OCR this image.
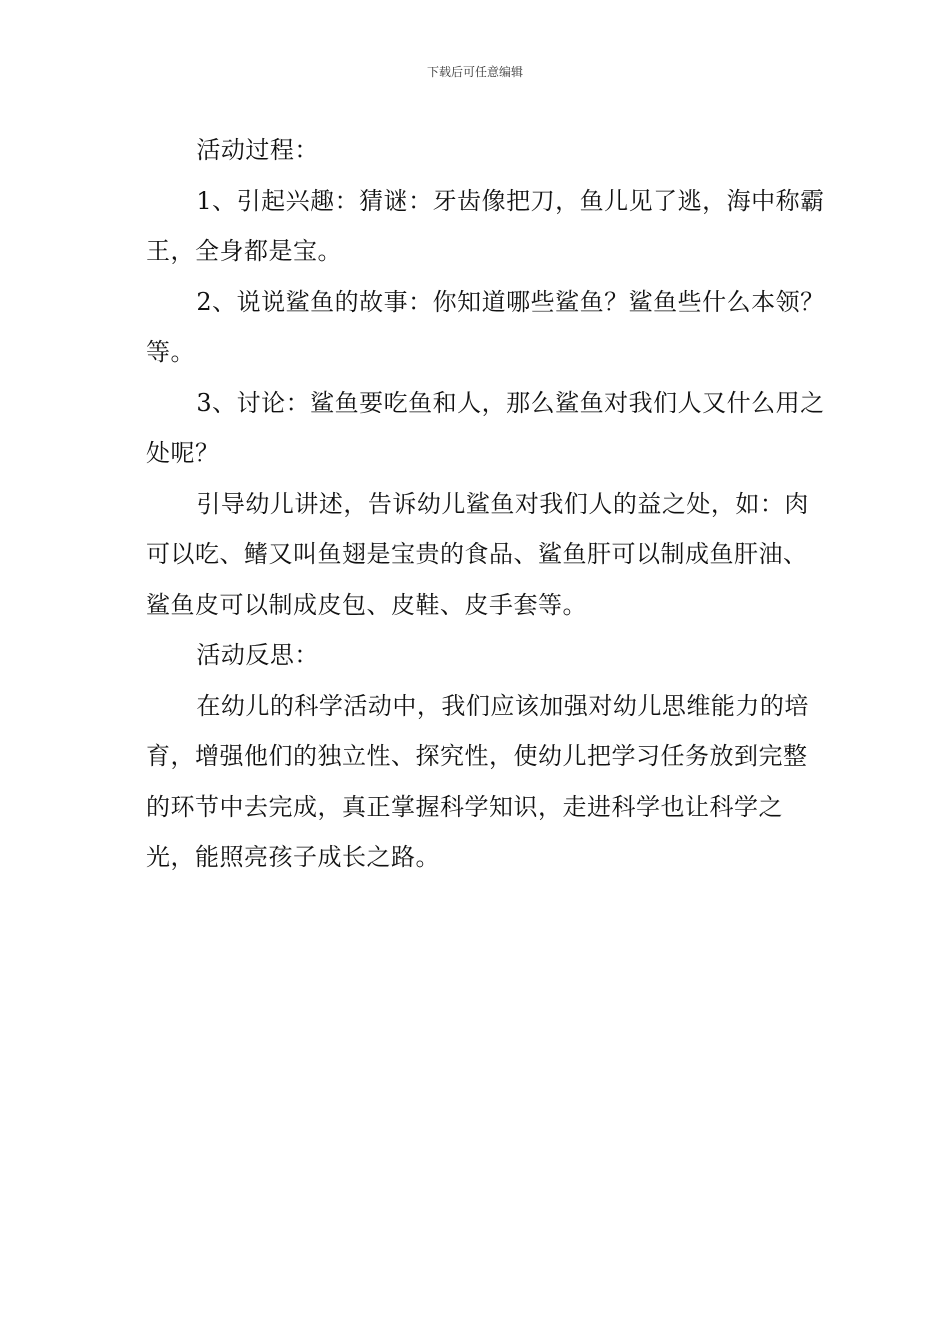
下载后可任意编辑

活动过程：

1、引起兴趣：猜谜：牙齿像把刀，鱼儿见了逃，海中称霸王，全身都是宝。

2、说说鲨鱼的故事：你知道哪些鲨鱼？鲨鱼些什么本领？等。

3、讨论：鲨鱼要吃鱼和人，那么鲨鱼对我们人又什么用之处呢？

引导幼儿讲述，告诉幼儿鲨鱼对我们人的益之处，如：肉可以吃、鳍又叫鱼翅是宝贵的食品、鲨鱼肝可以制成鱼肝油、鲨鱼皮可以制成皮包、皮鞋、皮手套等。

活动反思：

在幼儿的科学活动中，我们应该加强对幼儿思维能力的培育，增强他们的独立性、探究性，使幼儿把学习任务放到完整的环节中去完成，真正掌握科学知识，走进科学也让科学之光，能照亮孩子成长之路。
